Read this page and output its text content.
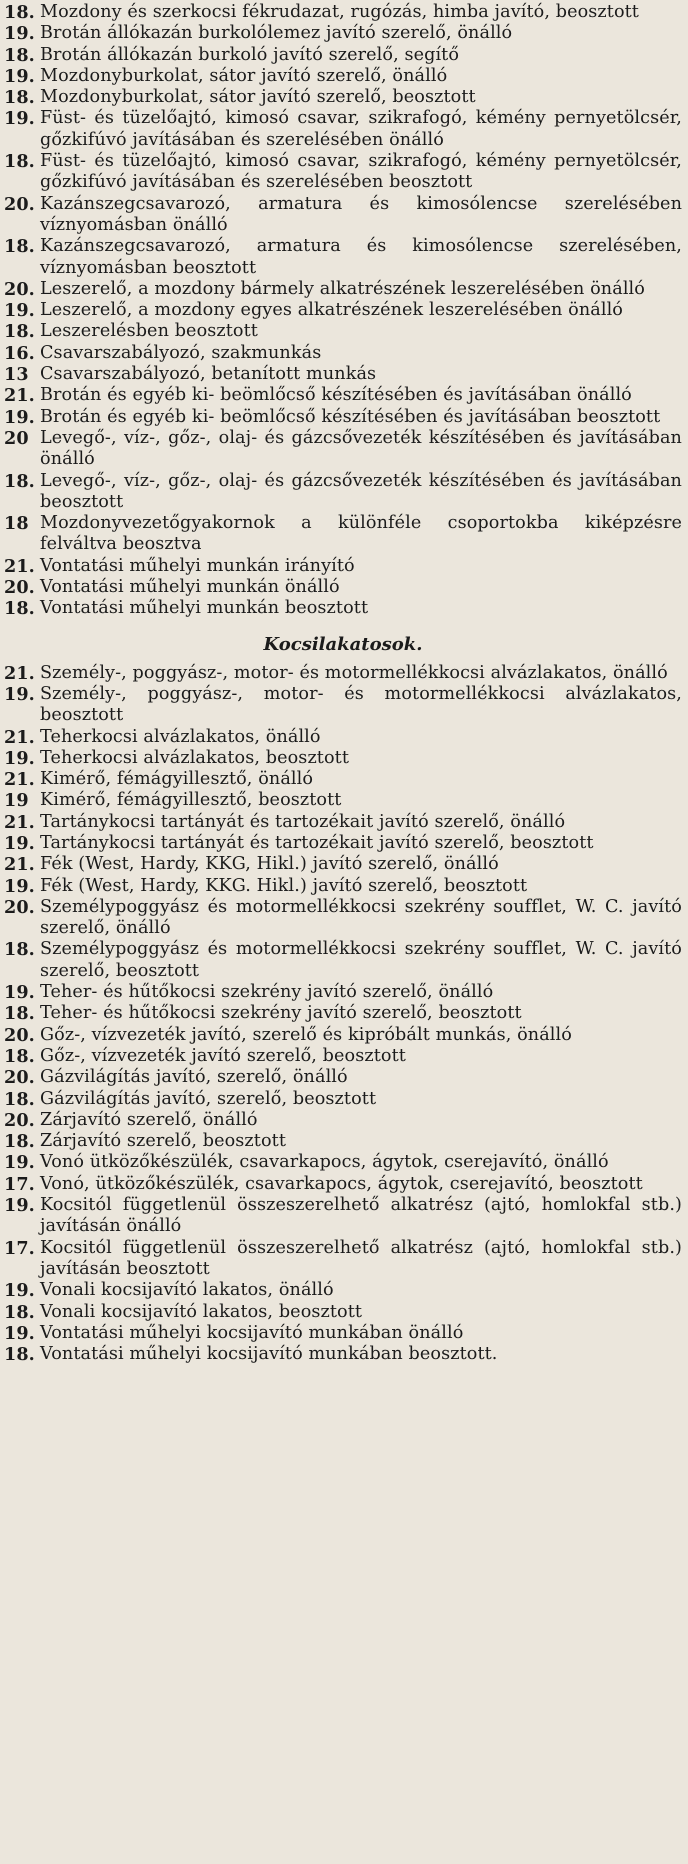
18. Mozdony és szerkocsi fékrudazat, rugózás, himba javító, beosztott
19. Brotán állókazán burkolólemez javító szerelő, önálló
18. Brotán állókazán burkoló javító szerelő, segítő
19. Mozdonyburkolat, sátor javító szerelő, önálló
18. Mozdonyburkolat, sátor javító szerelő, beosztott
19. Füst- és tüzelőajtó, kimosó csavar, szikrafogó, kémény pernyetölcsér, gőzkifúvó javításában és szerelésében önálló
18. Füst- és tüzelőajtó, kimosó csavar, szikrafogó, kémény pernyetölcsér, gőzkifúvó javításában és szerelésében beosztott
20. Kazánszegcsavarozó, armatura és kimosólencse szerelésében víznyomásban önálló
18. Kazánszegcsavarozó, armatura és kimosólencse szerelésében, víznyomásban beosztott
20. Leszerelő, a mozdony bármely alkatrészének leszerelésében önálló
19. Leszerelő, a mozdony egyes alkatrészének leszerelésében önálló
18. Leszerelésben beosztott
16. Csavarszabályozó, szakmunkás
13 Csavarszabályozó, betanított munkás
21. Brotán és egyéb ki- beömlőcső készítésében és javításában önálló
19. Brotán és egyéb ki- beömlőcső készítésében és javításában beosztott
20 Levegő-, víz-, gőz-, olaj- és gázcsővezeték készítésében és javításában önálló
18. Levegő-, víz-, gőz-, olaj- és gázcsővezeték készítésében és javításában beosztott
18 Mozdonyvezetőgyakornok a különféle csoportokba kiképzésre felváltva beosztva
21. Vontatási műhelyi munkán irányító
20. Vontatási műhelyi munkán önálló
18. Vontatási műhelyi munkán beosztott
Kocsilakatosok.
21. Személy-, poggyász-, motor- és motormellékkocsi alvázlakatos, önálló
19. Személy-, poggyász-, motor- és motormellékkocsi alvázlakatos, beosztott
21. Teherkocsi alvázlakatos, önálló
19. Teherkocsi alvázlakatos, beosztott
21. Kimérő, fémágyillesztő, önálló
19 Kimérő, fémágyillesztő, beosztott
21. Tartánykocsi tartányát és tartozékait javító szerelő, önálló
19. Tartánykocsi tartányát és tartozékait javító szerelő, beosztott
21. Fék (West, Hardy, KKG, Hikl.) javító szerelő, önálló
19. Fék (West, Hardy, KKG. Hikl.) javító szerelő, beosztott
20. Személypoggyász és motormellékkocsi szekrény soufflet, W. C. javító szerelő, önálló
18. Személypoggyász és motormellékkocsi szekrény soufflet, W. C. javító szerelő, beosztott
19. Teher- és hűtőkocsi szekrény javító szerelő, önálló
18. Teher- és hűtőkocsi szekrény javító szerelő, beosztott
20. Gőz-, vízvezeték javító, szerelő és kipróbált munkás, önálló
18. Gőz-, vízvezeték javító szerelő, beosztott
20. Gázvilágítás javító, szerelő, önálló
18. Gázvilágítás javító, szerelő, beosztott
20. Zárjavító szerelő, önálló
18. Zárjavító szerelő, beosztott
19. Vonó ütközőkészülék, csavarkapocs, ágytok, cserejavító, önálló
17. Vonó, ütközőkészülék, csavarkapocs, ágytok, cserejavító, beosztott
19. Kocsitól függetlenül összeszerelhető alkatrész (ajtó, homlokfal stb.) javításán önálló
17. Kocsitól függetlenül összeszerelhető alkatrész (ajtó, homlokfal stb.) javításán beosztott
19. Vonali kocsijavító lakatos, önálló
18. Vonali kocsijavító lakatos, beosztott
19. Vontatási műhelyi kocsijavító munkában önálló
18. Vontatási műhelyi kocsijavító munkában beosztott.
